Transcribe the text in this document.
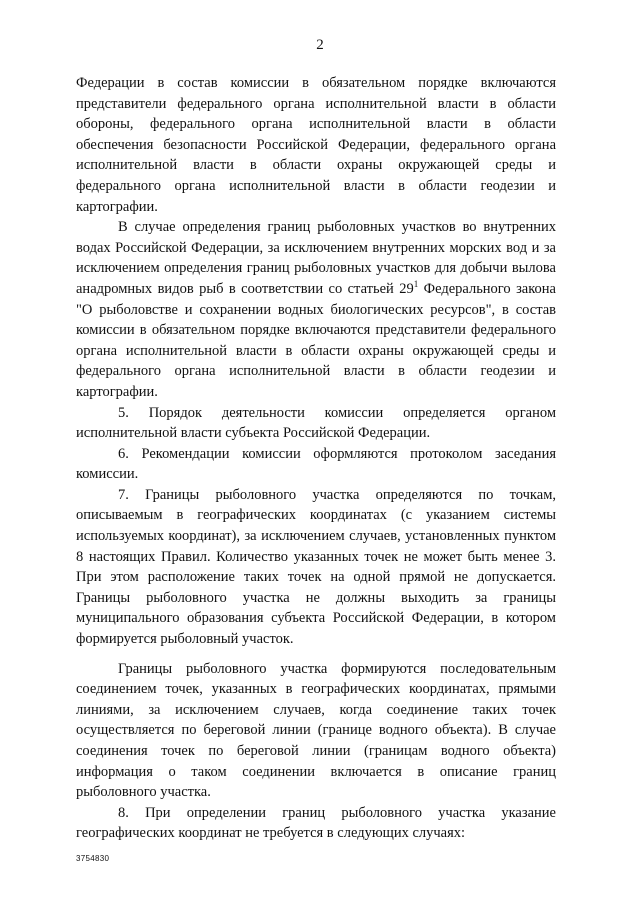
2

Федерации в состав комиссии в обязательном порядке включаются представители федерального органа исполнительной власти в области обороны, федерального органа исполнительной власти в области обеспечения безопасности Российской Федерации, федерального органа исполнительной власти в области охраны окружающей среды и федерального органа исполнительной власти в области геодезии и картографии.

В случае определения границ рыболовных участков во внутренних водах Российской Федерации, за исключением внутренних морских вод и за исключением определения границ рыболовных участков для добычи вылова анадромных видов рыб в соответствии со статьей $29^1$ Федерального закона "О рыболовстве и сохранении водных биологических ресурсов", в состав комиссии в обязательном порядке включаются представители федерального органа исполнительной власти в области охраны окружающей среды и федерального органа исполнительной власти в области геодезии и картографии.

5. Порядок деятельности комиссии определяется органом исполнительной власти субъекта Российской Федерации.

6. Рекомендации комиссии оформляются протоколом заседания комиссии.

7. Границы рыболовного участка определяются по точкам, описываемым в географических координатах (с указанием системы используемых координат), за исключением случаев, установленных пунктом 8 настоящих Правил. Количество указанных точек не может быть менее 3. При этом расположение таких точек на одной прямой не допускается. Границы рыболовного участка не должны выходить за границы муниципального образования субъекта Российской Федерации, в котором формируется рыболовный участок.

Границы рыболовного участка формируются последовательным соединением точек, указанных в географических координатах, прямыми линиями, за исключением случаев, когда соединение таких точек осуществляется по береговой линии (границе водного объекта). В случае соединения точек по береговой линии (границам водного объекта) информация о таком соединении включается в описание границ рыболовного участка.

8. При определении границ рыболовного участка указание географических координат не требуется в следующих случаях:

3754830
